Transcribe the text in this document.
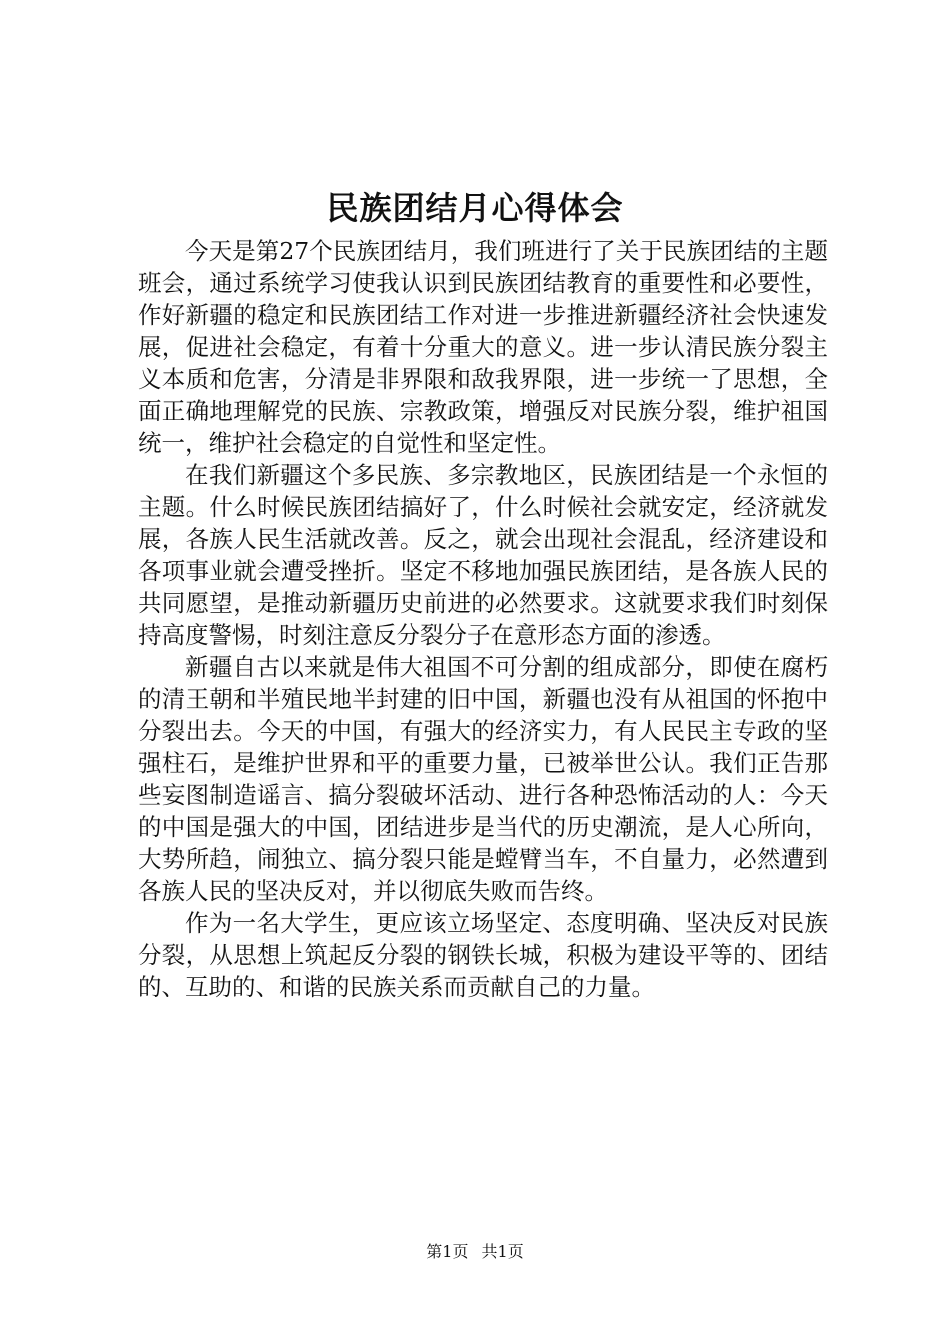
民族团结月心得体会

今天是第27个民族团结月，我们班进行了关于民族团结的主题班会，通过系统学习使我认识到民族团结教育的重要性和必要性，作好新疆的稳定和民族团结工作对进一步推进新疆经济社会快速发展，促进社会稳定，有着十分重大的意义。进一步认清民族分裂主义本质和危害，分清是非界限和敌我界限，进一步统一了思想，全面正确地理解党的民族、宗教政策，增强反对民族分裂，维护祖国统一，维护社会稳定的自觉性和坚定性。

在我们新疆这个多民族、多宗教地区，民族团结是一个永恒的主题。什么时候民族团结搞好了，什么时候社会就安定，经济就发展，各族人民生活就改善。反之，就会出现社会混乱，经济建设和各项事业就会遭受挫折。坚定不移地加强民族团结，是各族人民的共同愿望，是推动新疆历史前进的必然要求。这就要求我们时刻保持高度警惕，时刻注意反分裂分子在意形态方面的渗透。

新疆自古以来就是伟大祖国不可分割的组成部分，即使在腐朽的清王朝和半殖民地半封建的旧中国，新疆也没有从祖国的怀抱中分裂出去。今天的中国，有强大的经济实力，有人民民主专政的坚强柱石，是维护世界和平的重要力量，已被举世公认。我们正告那些妄图制造谣言、搞分裂破坏活动、进行各种恐怖活动的人：今天的中国是强大的中国，团结进步是当代的历史潮流，是人心所向，大势所趋，闹独立、搞分裂只能是螳臂当车，不自量力，必然遭到各族人民的坚决反对，并以彻底失败而告终。

作为一名大学生，更应该立场坚定、态度明确、坚决反对民族分裂，从思想上筑起反分裂的钢铁长城，积极为建设平等的、团结的、互助的、和谐的民族关系而贡献自己的力量。

第1页 共1页
